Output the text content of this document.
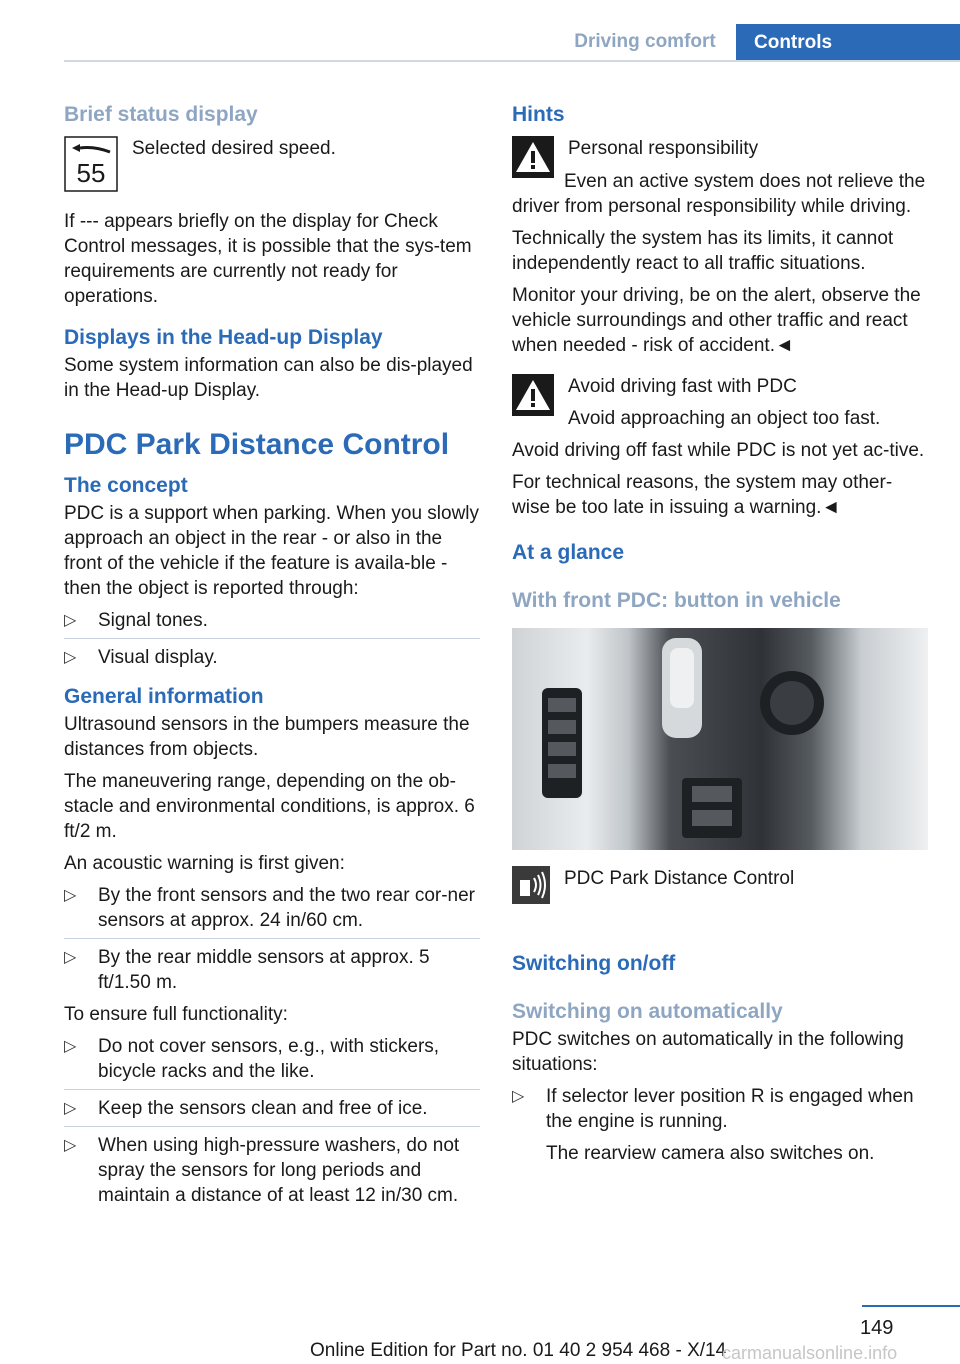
Driving comfort	Controls
Brief status display
55

Selected desired speed.

If --- appears briefly on the display for Check Control messages, it is possible that the sys-tem requirements are currently not ready for operations.

Displays in the Head-up Display

Some system information can also be dis-played in the Head-up Display.

PDC Park Distance Control
The concept

PDC is a support when parking. When you slowly approach an object in the rear - or also in the front of the vehicle if the feature is availa-ble - then the object is reported through:

▷ Signal tones.
▷ Visual display.
General information

Ultrasound sensors in the bumpers measure the distances from objects.

The maneuvering range, depending on the ob-stacle and environmental conditions, is approx. 6 ft/2 m.

An acoustic warning is first given:

▷ By the front sensors and the two rear cor-ner sensors at approx. 24 in/60 cm.
▷ By the rear middle sensors at approx. 5 ft/1.50 m.

To ensure full functionality:

▷ Do not cover sensors, e.g., with stickers, bicycle racks and the like.
▷ Keep the sensors clean and free of ice.
▷ When using high-pressure washers, do not spray the sensors for long periods and maintain a distance of at least 12 in/30 cm.
Hints

Personal responsibility

Even an active system does not relieve the driver from personal responsibility while driving.

Technically the system has its limits, it cannot independently react to all traffic situations.

Monitor your driving, be on the alert, observe the vehicle surroundings and other traffic and react when needed - risk of accident.◄

Avoid driving fast with PDC

Avoid approaching an object too fast.

Avoid driving off fast while PDC is not yet ac-tive.

For technical reasons, the system may other-wise be too late in issuing a warning.◄

At a glance
With front PDC: button in vehicle

PDC Park Distance Control

Switching on/off
Switching on automatically

PDC switches on automatically in the following situations:

▷ If selector lever position R is engaged when the engine is running.

The rearview camera also switches on.

149
Online Edition for Part no. 01 40 2 954 468 - X/14
carmanualsonline.info
